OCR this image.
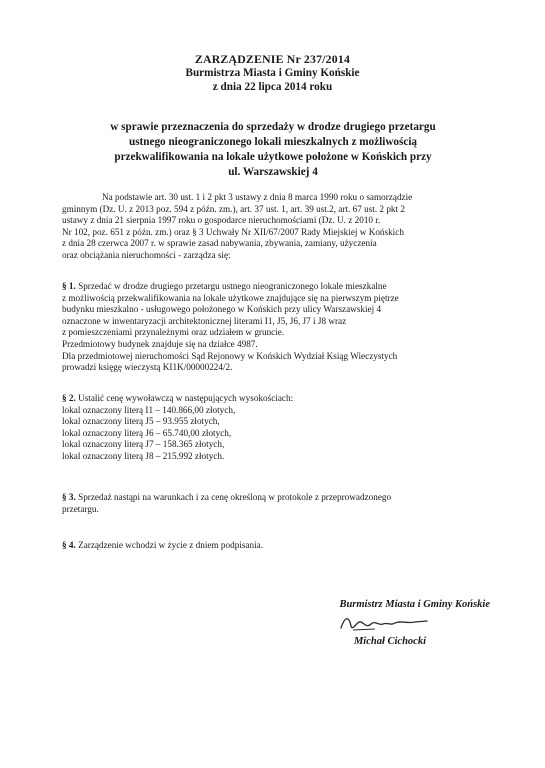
ZARZĄDZENIE Nr 237/2014
Burmistrza Miasta i Gminy Końskie
z dnia 22 lipca 2014 roku
w sprawie przeznaczenia do sprzedaży w drodze drugiego przetargu
ustnego nieograniczonego lokali mieszkalnych z możliwością
przekwalifikowania na lokale użytkowe położone w Końskich przy
ul. Warszawskiej 4
Na podstawie art. 30 ust. 1 i 2 pkt 3 ustawy z dnia 8 marca 1990 roku o samorządzie
gminnym (Dz. U. z 2013 poz. 594 z późn. zm.), art. 37 ust. 1, art. 39 ust.2, art. 67 ust. 2 pkt 2
ustawy z dnia 21 sierpnia 1997 roku o gospodarce nieruchomościami (Dz. U. z 2010 r.
Nr 102, poz. 651 z późn. zm.) oraz § 3 Uchwały Nr XII/67/2007 Rady Miejskiej w Końskich
z dnia 28 czerwca 2007 r. w sprawie zasad nabywania, zbywania, zamiany, użyczenia
oraz obciążania nieruchomości - zarządza się:
§ 1. Sprzedać w drodze drugiego przetargu ustnego nieograniczonego lokale mieszkalne
z możliwością przekwalifikowania na lokale użytkowe znajdujące się na pierwszym piętrze
budynku mieszkalno - usługowego położonego w Końskich przy ulicy Warszawskiej 4
oznaczone w inwentaryzacji architektonicznej literami I1, J5, J6, J7 i J8 wraz
z pomieszczeniami przynależnymi oraz udziałem w gruncie.
Przedmiotowy budynek znajduje się na działce 4987.
Dla przedmiotowej nieruchomości Sąd Rejonowy w Końskich Wydział Ksiąg Wieczystych
prowadzi księgę wieczystą KI1K/00000224/2.
§ 2. Ustalić cenę wywoławczą w następujących wysokościach:
lokal oznaczony literą I1 – 140.866,00 złotych,
lokal oznaczony literą J5 – 93.955 złotych,
lokal oznaczony literą J6 – 65.740,00 złotych,
lokal oznaczony literą J7 – 158.365 złotych,
lokal oznaczony literą J8 – 215.992 złotych.
§ 3. Sprzedaż nastąpi na warunkach i za cenę określoną w protokole z przeprowadzonego
przetargu.
§ 4. Zarządzenie wchodzi w życie z dniem podpisania.
Burmistrz Miasta i Gminy Końskie
Michał Cichocki
